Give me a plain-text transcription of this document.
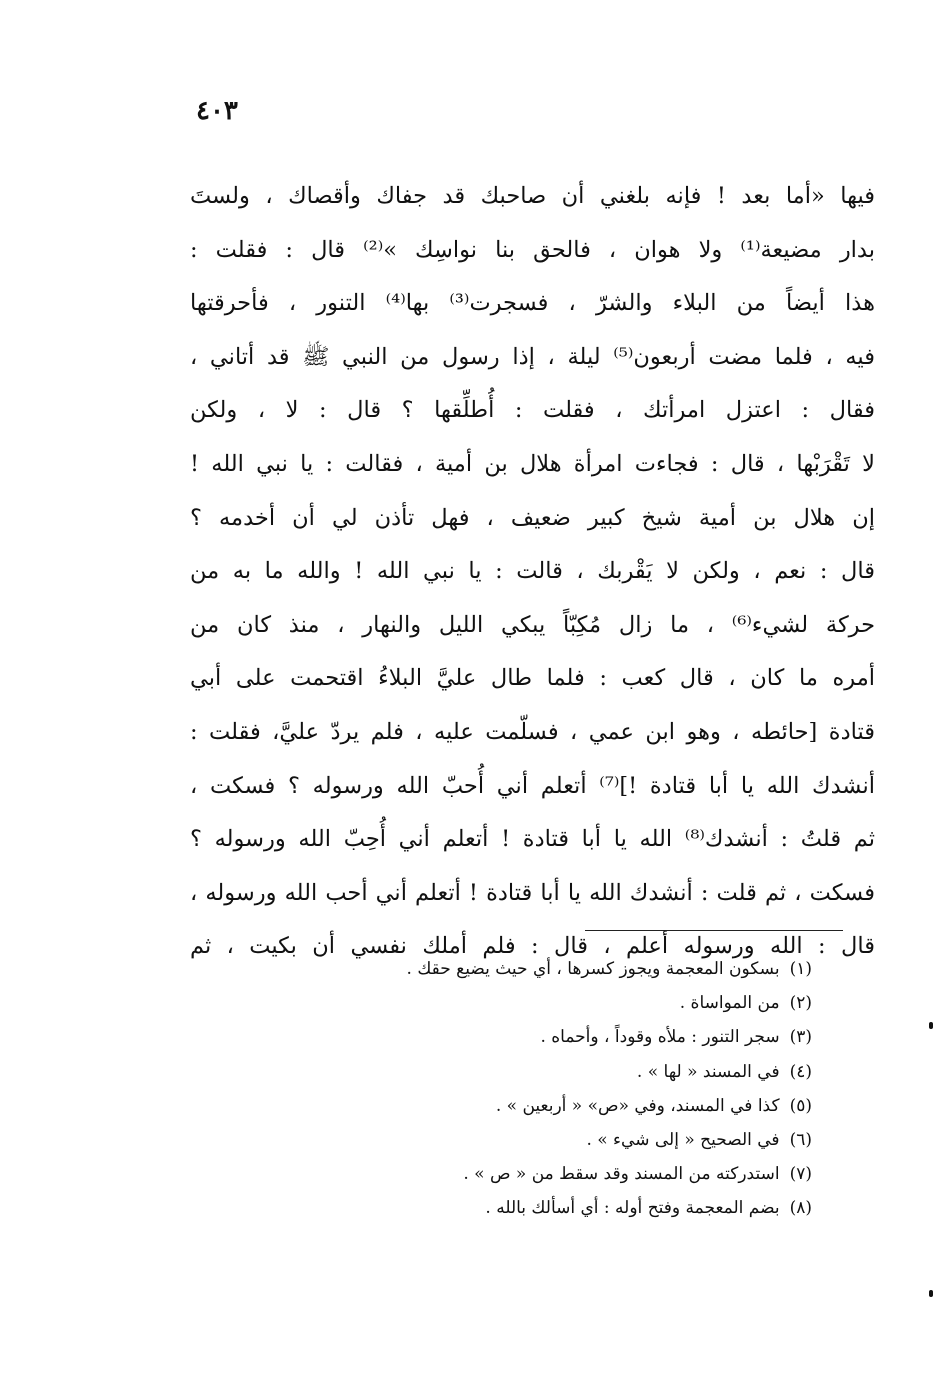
٤٠٣
فيها «أما بعد ! فإنه بلغني أن صاحبك قد جفاك وأقصاك ، ولستَ
بدار مضيعة⁽¹⁾ ولا هوان ، فالحق بنا نواسِك »⁽²⁾ قال : فقلت :
هذا أيضاً من البلاء والشرّ ، فسجرت⁽³⁾ بها⁽⁴⁾ التنور ، فأحرقتها
فيه ، فلما مضت أربعون⁽⁵⁾ ليلة ، إذا رسول من النبي ﷺ قد أتاني ،
فقال : اعتزل امرأتك ، فقلت : أُطلِّقها ؟ قال : لا ، ولكن
لا تَقْرَبْها ، قال : فجاءت امرأة هلال بن أمية ، فقالت : يا نبي الله !
إن هلال بن أمية شيخ كبير ضعيف ، فهل تأذن لي أن أخدمه ؟
قال : نعم ، ولكن لا يَقْربك ، قالت : يا نبي الله ! والله ما به من
حركة لشيء⁽⁶⁾ ، ما زال مُكِبّاً يبكي الليل والنهار ، منذ كان من
أمره ما كان ، قال كعب : فلما طال عليَّ البلاءُ اقتحمت على أبي
قتادة [حائطه ، وهو ابن عمي ، فسلّمت عليه ، فلم يردّ عليَّ، فقلت :
أنشدك الله يا أبا قتادة !]⁽⁷⁾ أتعلم أني أُحبّ الله ورسوله ؟ فسكت ،
ثم قلتُ : أنشدك⁽⁸⁾ الله يا أبا قتادة ! أتعلم أني أُحِبّ الله ورسوله ؟
فسكت ، ثم قلت : أنشدك الله يا أبا قتادة ! أتعلم أني أحب الله ورسوله ،
قال : الله ورسوله أعلم ، قال : فلم أملك نفسي أن بكيت ، ثم
(١)بسكون المعجمة ويجوز كسرها ، أي حيث يضيع حقك .
(٢)من المواساة .
(٣)سجر التنور : ملأه وقوداً ، وأحماه .
(٤)في المسند « لها » .
(٥)كذا في المسند، وفي «ص» « أربعين » .
(٦)في الصحيح « إلى شيء » .
(٧)استدركته من المسند وقد سقط من « ص » .
(٨)بضم المعجمة وفتح أوله : أي أسألك بالله .
